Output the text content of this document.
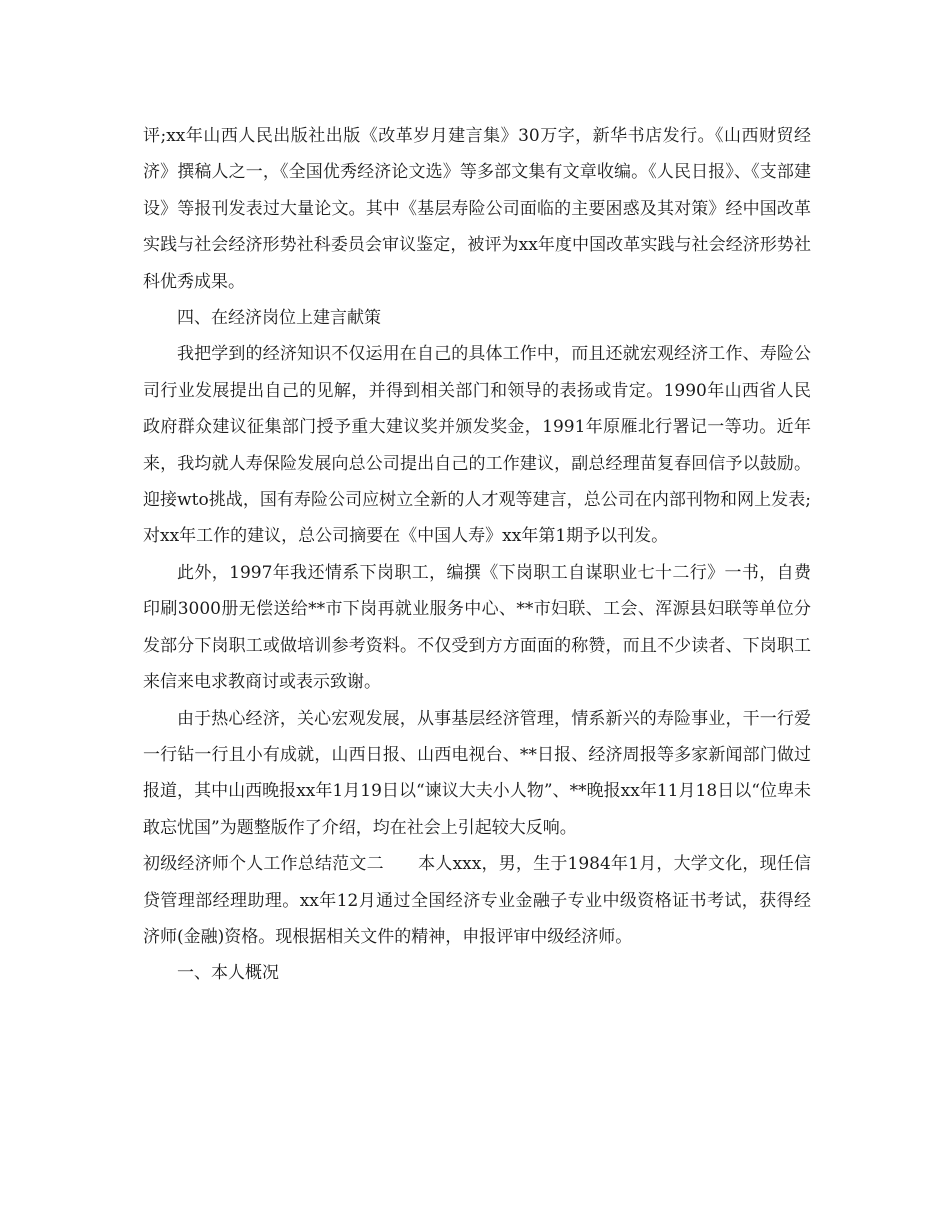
评;xx年山西人民出版社出版《改革岁月建言集》30万字，新华书店发行。《山西财贸经济》撰稿人之一，《全国优秀经济论文选》等多部文集有文章收编。《人民日报》、《支部建设》等报刊发表过大量论文。其中《基层寿险公司面临的主要困惑及其对策》经中国改革实践与社会经济形势社科委员会审议鉴定，被评为xx年度中国改革实践与社会经济形势社科优秀成果。

四、在经济岗位上建言献策

我把学到的经济知识不仅运用在自己的具体工作中，而且还就宏观经济工作、寿险公司行业发展提出自己的见解，并得到相关部门和领导的表扬或肯定。1990年山西省人民政府群众建议征集部门授予重大建议奖并颁发奖金，1991年原雁北行署记一等功。近年来，我均就人寿保险发展向总公司提出自己的工作建议，副总经理苗复春回信予以鼓励。迎接wto挑战，国有寿险公司应树立全新的人才观等建言，总公司在内部刊物和网上发表;对xx年工作的建议，总公司摘要在《中国人寿》xx年第1期予以刊发。

此外，1997年我还情系下岗职工，编撰《下岗职工自谋职业七十二行》一书，自费印刷3000册无偿送给**市下岗再就业服务中心、**市妇联、工会、浑源县妇联等单位分发部分下岗职工或做培训参考资料。不仅受到方方面面的称赞，而且不少读者、下岗职工来信来电求教商讨或表示致谢。

由于热心经济，关心宏观发展，从事基层经济管理，情系新兴的寿险事业，干一行爱一行钻一行且小有成就，山西日报、山西电视台、**日报、经济周报等多家新闻部门做过报道，其中山西晚报xx年1月19日以“谏议大夫小人物”、**晚报xx年11月18日以“位卑未敢忘忧国”为题整版作了介绍，均在社会上引起较大反响。

初级经济师个人工作总结范文二　　本人xxx，男，生于1984年1月，大学文化，现任信贷管理部经理助理。xx年12月通过全国经济专业金融子专业中级资格证书考试，获得经济师(金融)资格。现根据相关文件的精神，申报评审中级经济师。

一、本人概况
